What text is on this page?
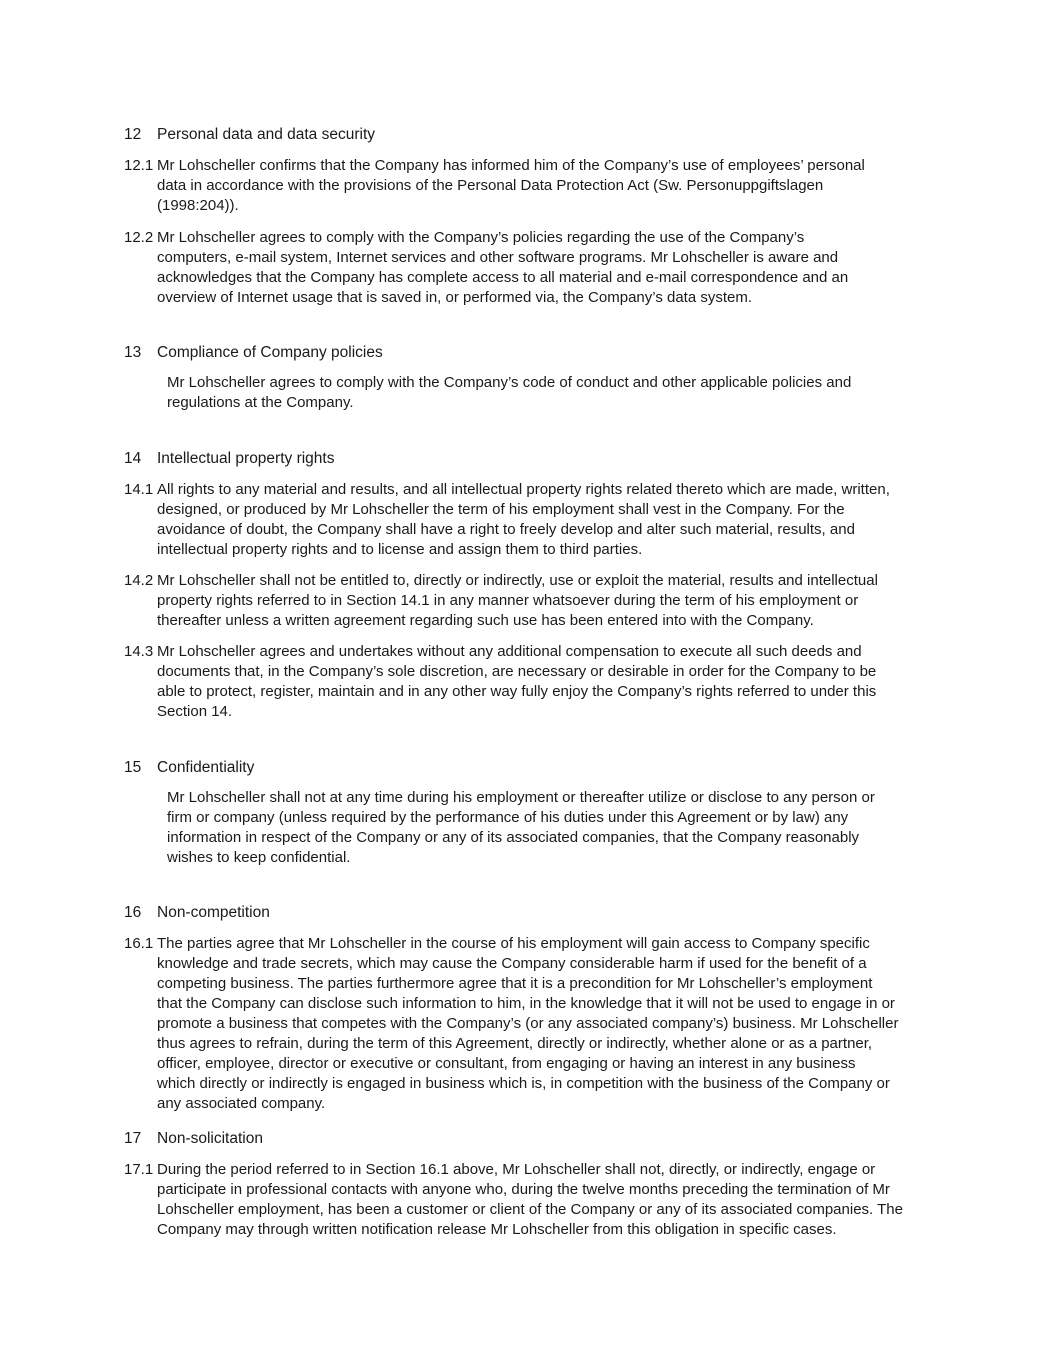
12 Personal data and data security
12.1 Mr Lohscheller confirms that the Company has informed him of the Company’s use of employees’ personal
data in accordance with the provisions of the Personal Data Protection Act (Sw. Personuppgiftslagen
(1998:204)).
12.2 Mr Lohscheller agrees to comply with the Company’s policies regarding the use of the Company’s
computers, e-mail system, Internet services and other software programs. Mr Lohscheller is aware and
acknowledges that the Company has complete access to all material and e-mail correspondence and an
overview of Internet usage that is saved in, or performed via, the Company’s data system.
13 Compliance of Company policies
Mr Lohscheller agrees to comply with the Company’s code of conduct and other applicable policies and
regulations at the Company.
14 Intellectual property rights
14.1 All rights to any material and results, and all intellectual property rights related thereto which are made, written,
designed, or produced by Mr Lohscheller the term of his employment shall vest in the Company. For the
avoidance of doubt, the Company shall have a right to freely develop and alter such material, results, and
intellectual property rights and to license and assign them to third parties.
14.2 Mr Lohscheller shall not be entitled to, directly or indirectly, use or exploit the material, results and intellectual
property rights referred to in Section 14.1 in any manner whatsoever during the term of his employment or
thereafter unless a written agreement regarding such use has been entered into with the Company.
14.3 Mr Lohscheller agrees and undertakes without any additional compensation to execute all such deeds and
documents that, in the Company’s sole discretion, are necessary or desirable in order for the Company to be
able to protect, register, maintain and in any other way fully enjoy the Company’s rights referred to under this
Section 14.
15 Confidentiality
Mr Lohscheller shall not at any time during his employment or thereafter utilize or disclose to any person or
firm or company (unless required by the performance of his duties under this Agreement or by law) any
information in respect of the Company or any of its associated companies, that the Company reasonably
wishes to keep confidential.
16 Non-competition
16.1 The parties agree that Mr Lohscheller in the course of his employment will gain access to Company specific
knowledge and trade secrets, which may cause the Company considerable harm if used for the benefit of a
competing business. The parties furthermore agree that it is a precondition for Mr Lohscheller’s employment
that the Company can disclose such information to him, in the knowledge that it will not be used to engage in or
promote a business that competes with the Company’s (or any associated company’s) business. Mr Lohscheller
thus agrees to refrain, during the term of this Agreement, directly or indirectly, whether alone or as a partner,
officer, employee, director or executive or consultant, from engaging or having an interest in any business
which directly or indirectly is engaged in business which is, in competition with the business of the Company or
any associated company.
17 Non-solicitation
17.1 During the period referred to in Section 16.1 above, Mr Lohscheller shall not, directly, or indirectly, engage or
participate in professional contacts with anyone who, during the twelve months preceding the termination of Mr
Lohscheller employment, has been a customer or client of the Company or any of its associated companies. The
Company may through written notification release Mr Lohscheller from this obligation in specific cases.
